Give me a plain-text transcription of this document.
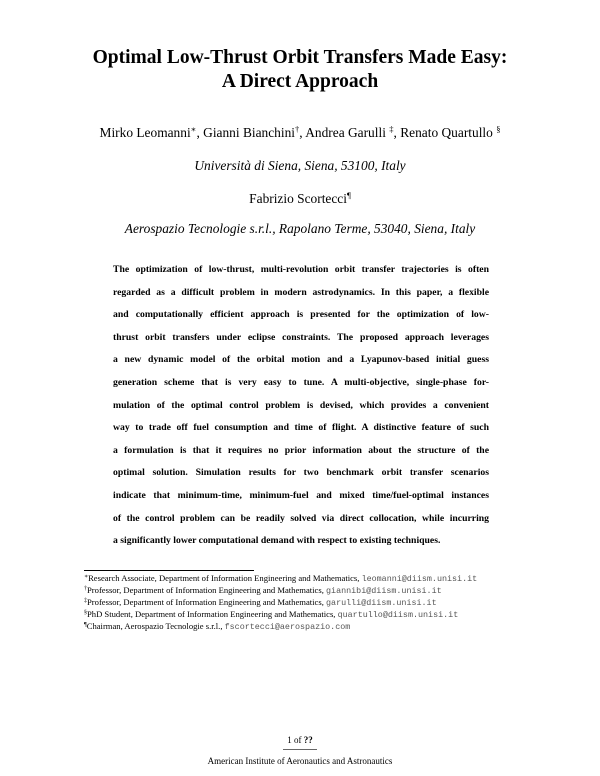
Optimal Low-Thrust Orbit Transfers Made Easy:
A Direct Approach
Mirko Leomanni∗, Gianni Bianchini†, Andrea Garulli ‡, Renato Quartullo §
Università di Siena, Siena, 53100, Italy
Fabrizio Scortecci¶
Aerospazio Tecnologie s.r.l., Rapolano Terme, 53040, Siena, Italy
The optimization of low-thrust, multi-revolution orbit transfer trajectories is often
regarded as a difficult problem in modern astrodynamics. In this paper, a flexible
and computationally efficient approach is presented for the optimization of low-
thrust orbit transfers under eclipse constraints. The proposed approach leverages
a new dynamic model of the orbital motion and a Lyapunov-based initial guess
generation scheme that is very easy to tune. A multi-objective, single-phase for-
mulation of the optimal control problem is devised, which provides a convenient
way to trade off fuel consumption and time of flight. A distinctive feature of such
a formulation is that it requires no prior information about the structure of the
optimal solution. Simulation results for two benchmark orbit transfer scenarios
indicate that minimum-time, minimum-fuel and mixed time/fuel-optimal instances
of the control problem can be readily solved via direct collocation, while incurring
a significantly lower computational demand with respect to existing techniques.
∗Research Associate, Department of Information Engineering and Mathematics, leomanni@diism.unisi.it
†Professor, Department of Information Engineering and Mathematics, giannibi@diism.unisi.it
‡Professor, Department of Information Engineering and Mathematics, garulli@diism.unisi.it
§PhD Student, Department of Information Engineering and Mathematics, quartullo@diism.unisi.it
¶Chairman, Aerospazio Tecnologie s.r.l., fscortecci@aerospazio.com
1 of ??
American Institute of Aeronautics and Astronautics
